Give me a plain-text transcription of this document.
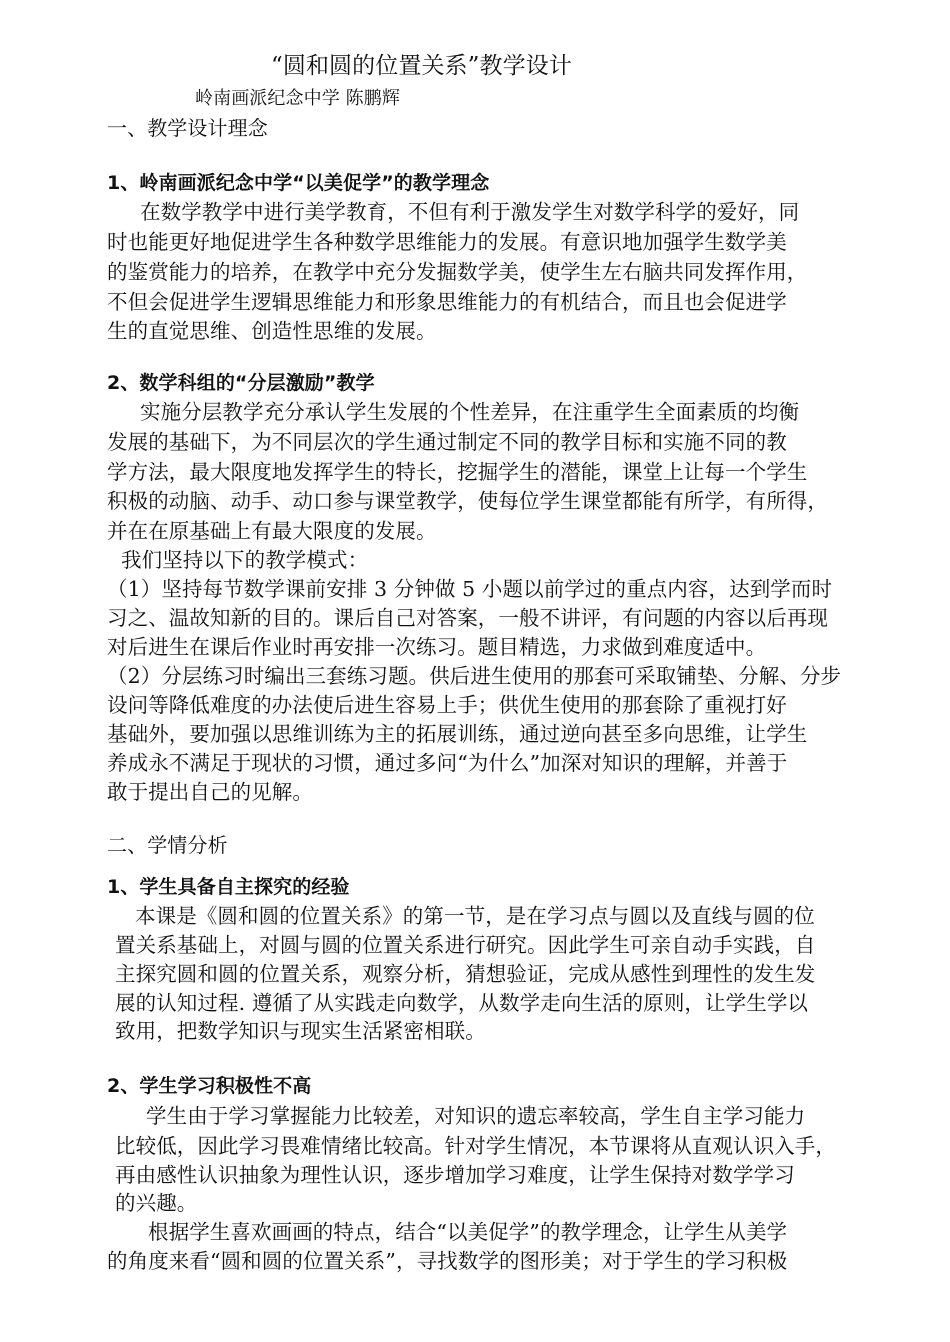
“圆和圆的位置关系”教学设计
岭南画派纪念中学 陈鹏辉
一、教学设计理念
1、岭南画派纪念中学“以美促学”的教学理念
在数学教学中进行美学教育，不但有利于激发学生对数学科学的爱好，同
时也能更好地促进学生各种数学思维能力的发展。有意识地加强学生数学美
的鉴赏能力的培养，在教学中充分发掘数学美，使学生左右脑共同发挥作用，
不但会促进学生逻辑思维能力和形象思维能力的有机结合，而且也会促进学
生的直觉思维、创造性思维的发展。
2、数学科组的“分层激励”教学
实施分层教学充分承认学生发展的个性差异，在注重学生全面素质的均衡
发展的基础下，为不同层次的学生通过制定不同的教学目标和实施不同的教
学方法，最大限度地发挥学生的特长，挖掘学生的潜能，课堂上让每一个学生
积极的动脑、动手、动口参与课堂教学，使每位学生课堂都能有所学，有所得，
并在在原基础上有最大限度的发展。
我们坚持以下的教学模式：
（1）坚持每节数学课前安排 3 分钟做 5 小题以前学过的重点内容，达到学而时
习之、温故知新的目的。课后自己对答案，一般不讲评，有问题的内容以后再现
对后进生在课后作业时再安排一次练习。题目精选，力求做到难度适中。
（2）分层练习时编出三套练习题。供后进生使用的那套可采取铺垫、分解、分步
设问等降低难度的办法使后进生容易上手；供优生使用的那套除了重视打好
基础外，要加强以思维训练为主的拓展训练，通过逆向甚至多向思维，让学生
养成永不满足于现状的习惯，通过多问“为什么”加深对知识的理解，并善于
敢于提出自己的见解。
二、学情分析
1、学生具备自主探究的经验
本课是《圆和圆的位置关系》的第一节，是在学习点与圆以及直线与圆的位
置关系基础上，对圆与圆的位置关系进行研究。因此学生可亲自动手实践，自
主探究圆和圆的位置关系，观察分析，猜想验证，完成从感性到理性的发生发
展的认知过程. 遵循了从实践走向数学，从数学走向生活的原则，让学生学以
致用，把数学知识与现实生活紧密相联。
2、学生学习积极性不高
学生由于学习掌握能力比较差，对知识的遗忘率较高，学生自主学习能力
比较低，因此学习畏难情绪比较高。针对学生情况，本节课将从直观认识入手，
再由感性认识抽象为理性认识，逐步增加学习难度，让学生保持对数学学习
的兴趣。
根据学生喜欢画画的特点，结合“以美促学”的教学理念，让学生从美学
的角度来看“圆和圆的位置关系”，寻找数学的图形美；对于学生的学习积极
